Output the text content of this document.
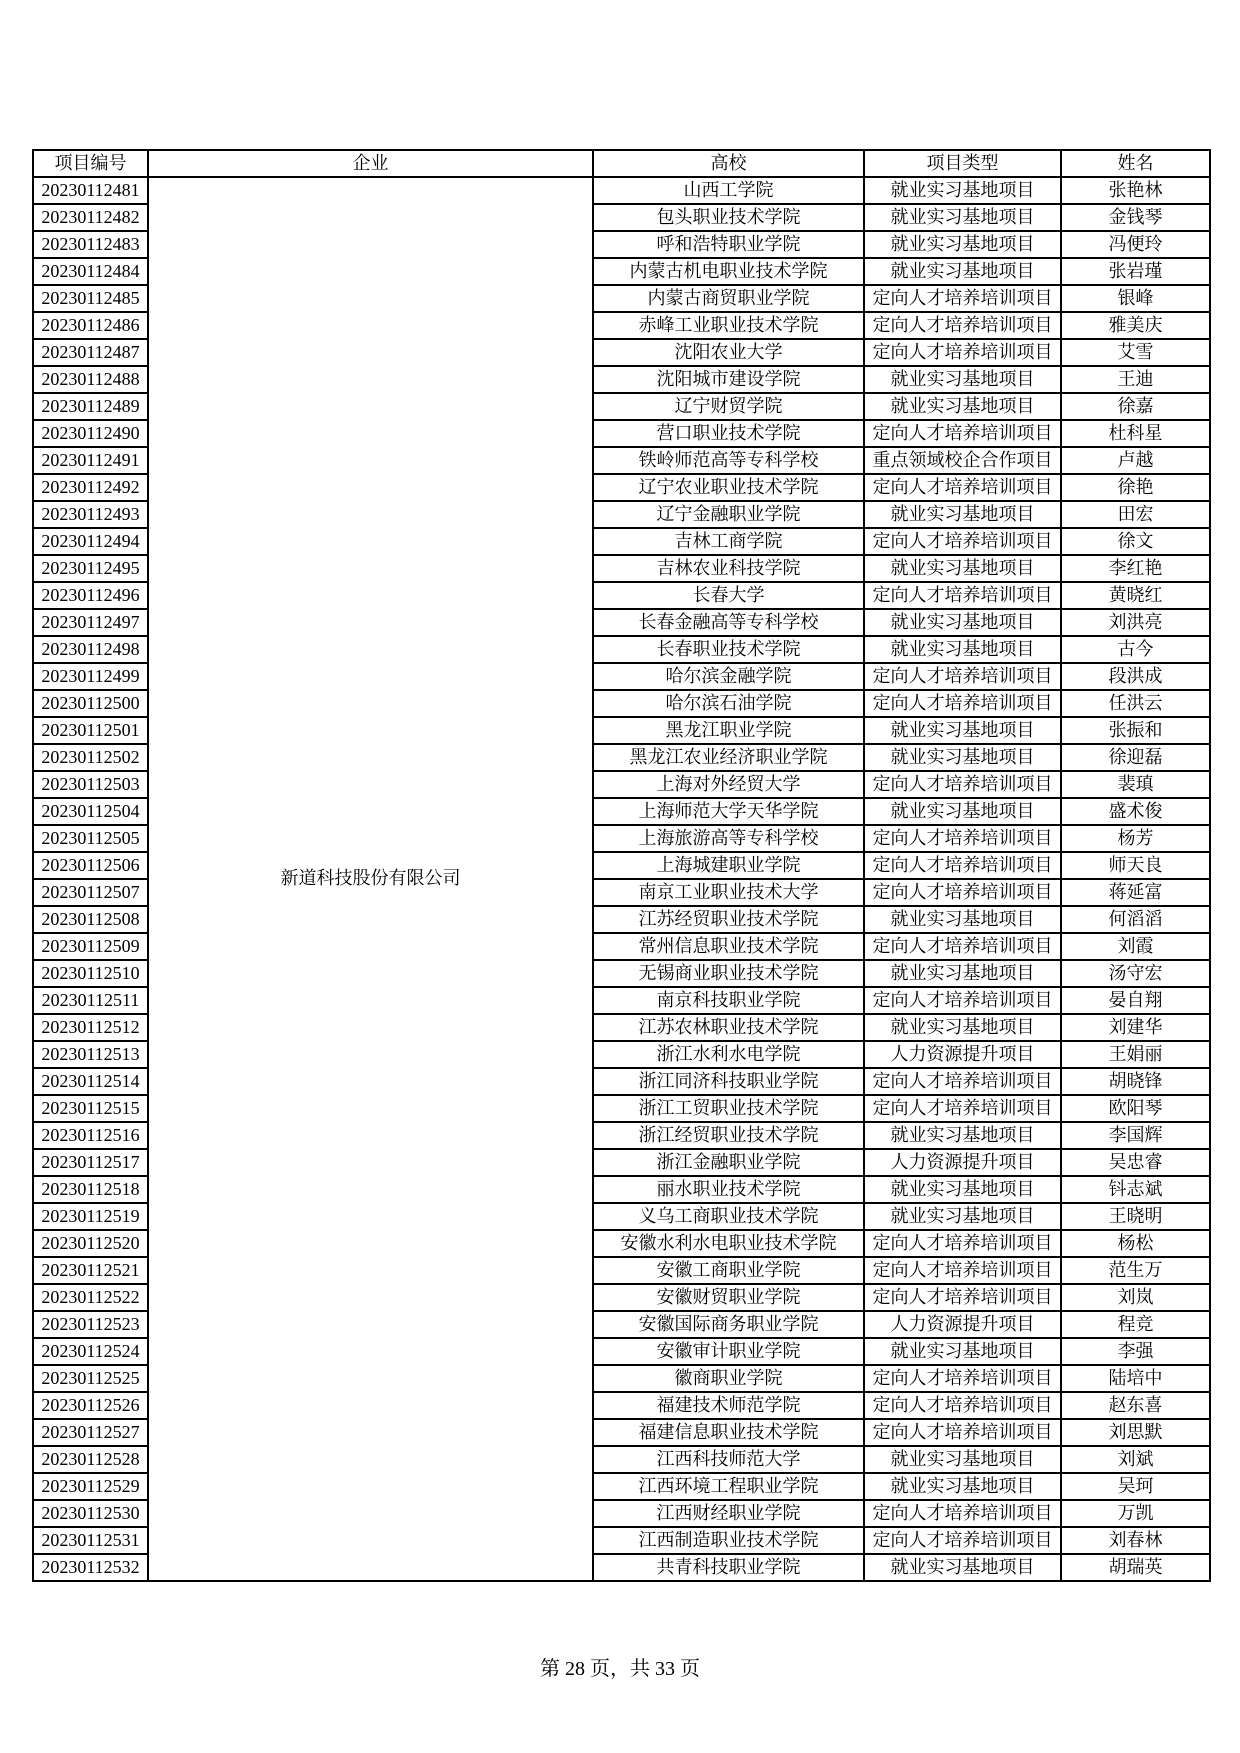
项目编号	企业	高校	项目类型	姓名
20230112481	新道科技股份有限公司	山西工学院	就业实习基地项目	张艳林
20230112482		包头职业技术学院	就业实习基地项目	金钱琴
20230112483		呼和浩特职业学院	就业实习基地项目	冯便玲
20230112484		内蒙古机电职业技术学院	就业实习基地项目	张岩瑾
20230112485		内蒙古商贸职业学院	定向人才培养培训项目	银峰
20230112486		赤峰工业职业技术学院	定向人才培养培训项目	雅美庆
20230112487		沈阳农业大学	定向人才培养培训项目	艾雪
20230112488		沈阳城市建设学院	就业实习基地项目	王迪
20230112489		辽宁财贸学院	就业实习基地项目	徐嘉
20230112490		营口职业技术学院	定向人才培养培训项目	杜科星
20230112491		铁岭师范高等专科学校	重点领域校企合作项目	卢越
20230112492		辽宁农业职业技术学院	定向人才培养培训项目	徐艳
20230112493		辽宁金融职业学院	就业实习基地项目	田宏
20230112494		吉林工商学院	定向人才培养培训项目	徐文
20230112495		吉林农业科技学院	就业实习基地项目	李红艳
20230112496		长春大学	定向人才培养培训项目	黄晓红
20230112497		长春金融高等专科学校	就业实习基地项目	刘洪亮
20230112498		长春职业技术学院	就业实习基地项目	古今
20230112499		哈尔滨金融学院	定向人才培养培训项目	段洪成
20230112500		哈尔滨石油学院	定向人才培养培训项目	任洪云
20230112501		黑龙江职业学院	就业实习基地项目	张振和
20230112502		黑龙江农业经济职业学院	就业实习基地项目	徐迎磊
20230112503		上海对外经贸大学	定向人才培养培训项目	裴瑱
20230112504		上海师范大学天华学院	就业实习基地项目	盛术俊
20230112505		上海旅游高等专科学校	定向人才培养培训项目	杨芳
20230112506		上海城建职业学院	定向人才培养培训项目	师天良
20230112507		南京工业职业技术大学	定向人才培养培训项目	蒋延富
20230112508		江苏经贸职业技术学院	就业实习基地项目	何滔滔
20230112509		常州信息职业技术学院	定向人才培养培训项目	刘霞
20230112510		无锡商业职业技术学院	就业实习基地项目	汤守宏
20230112511		南京科技职业学院	定向人才培养培训项目	晏自翔
20230112512		江苏农林职业技术学院	就业实习基地项目	刘建华
20230112513		浙江水利水电学院	人力资源提升项目	王娟丽
20230112514		浙江同济科技职业学院	定向人才培养培训项目	胡晓锋
20230112515		浙江工贸职业技术学院	定向人才培养培训项目	欧阳琴
20230112516		浙江经贸职业技术学院	就业实习基地项目	李国辉
20230112517		浙江金融职业学院	人力资源提升项目	吴忠睿
20230112518		丽水职业技术学院	就业实习基地项目	钭志斌
20230112519		义乌工商职业技术学院	就业实习基地项目	王晓明
20230112520		安徽水利水电职业技术学院	定向人才培养培训项目	杨松
20230112521		安徽工商职业学院	定向人才培养培训项目	范生万
20230112522		安徽财贸职业学院	定向人才培养培训项目	刘岚
20230112523		安徽国际商务职业学院	人力资源提升项目	程竞
20230112524		安徽审计职业学院	就业实习基地项目	李强
20230112525		徽商职业学院	定向人才培养培训项目	陆培中
20230112526		福建技术师范学院	定向人才培养培训项目	赵东喜
20230112527		福建信息职业技术学院	定向人才培养培训项目	刘思默
20230112528		江西科技师范大学	就业实习基地项目	刘斌
20230112529		江西环境工程职业学院	就业实习基地项目	吴珂
20230112530		江西财经职业学院	定向人才培养培训项目	万凯
20230112531		江西制造职业技术学院	定向人才培养培训项目	刘春林
20230112532		共青科技职业学院	就业实习基地项目	胡瑞英
第 28 页，共 33 页
